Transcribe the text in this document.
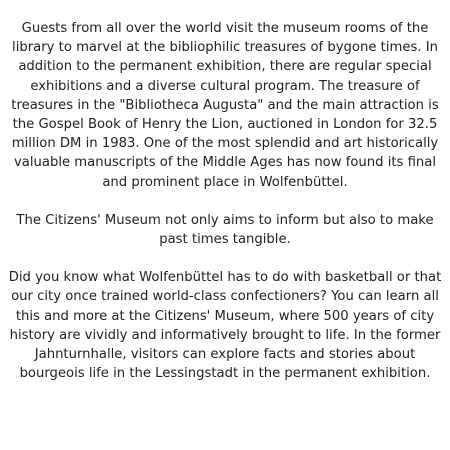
Guests from all over the world visit the museum rooms of the library to marvel at the bibliophilic treasures of bygone times. In addition to the permanent exhibition, there are regular special exhibitions and a diverse cultural program. The treasure of treasures in the "Bibliotheca Augusta" and the main attraction is the Gospel Book of Henry the Lion, auctioned in London for 32.5 million DM in 1983. One of the most splendid and art historically valuable manuscripts of the Middle Ages has now found its final and prominent place in Wolfenbüttel.

The Citizens' Museum not only aims to inform but also to make past times tangible.

Did you know what Wolfenbüttel has to do with basketball or that our city once trained world-class confectioners? You can learn all this and more at the Citizens' Museum, where 500 years of city history are vividly and informatively brought to life. In the former Jahnturnhalle, visitors can explore facts and stories about bourgeois life in the Lessingstadt in the permanent exhibition.
